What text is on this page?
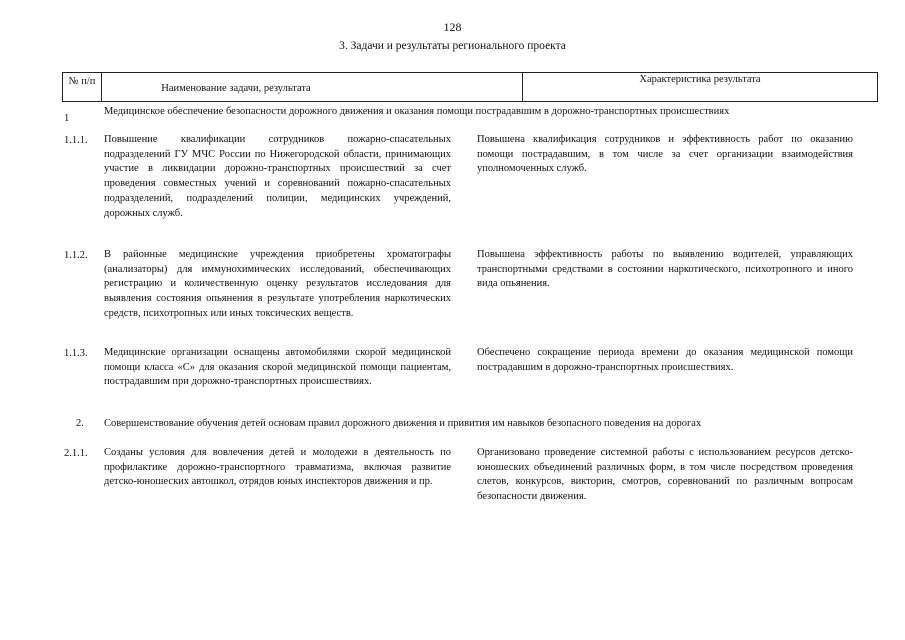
128
3. Задачи и результаты регионального проекта
№ п/п
Наименование задачи, результата
Характеристика результата
1
Медицинское обеспечение безопасности дорожного движения и оказания помощи пострадавшим в дорожно-транспортных происшествиях
1.1.1. Повышение квалификации сотрудников пожарно-спасательных подразделений ГУ МЧС России по Нижегородской области, принимающих участие в ликвидации дорожно-транспортных происшествий за счет проведения совместных учений и соревнований пожарно-спасательных подразделений, подразделений полиции, медицинских учреждений, дорожных служб.
Повышена квалификация сотрудников и эффективность работ по оказанию помощи пострадавшим, в том числе за счет организации взаимодействия уполномоченных служб.
1.1.2. В районные медицинские учреждения приобретены хроматографы (анализаторы) для иммунохимических исследований, обеспечивающих регистрацию и количественную оценку результатов исследования для выявления состояния опьянения в результате употребления наркотических средств, психотропных или иных токсических веществ.
Повышена эффективность работы по выявлению водителей, управляющих транспортными средствами в состоянии наркотического, психотропного и иного вида опьянения.
1.1.3. Медицинские организации оснащены автомобилями скорой медицинской помощи класса «С» для оказания скорой медицинской помощи пациентам, пострадавшим при дорожно-транспортных происшествиях.
Обеспечено сокращение периода времени до оказания медицинской помощи пострадавшим в дорожно-транспортных происшествиях.
2. Совершенствование обучения детей основам правил дорожного движения и привития им навыков безопасного поведения на дорогах
2.1.1. Созданы условия для вовлечения детей и молодежи в деятельность по профилактике дорожно-транспортного травматизма, включая развитие детско-юношеских автошкол, отрядов юных инспекторов движения и пр.
Организовано проведение системной работы с использованием ресурсов детско-юношеских объединений различных форм, в том числе посредством проведения слетов, конкурсов, викторин, смотров, соревнований по различным вопросам безопасности движения.
